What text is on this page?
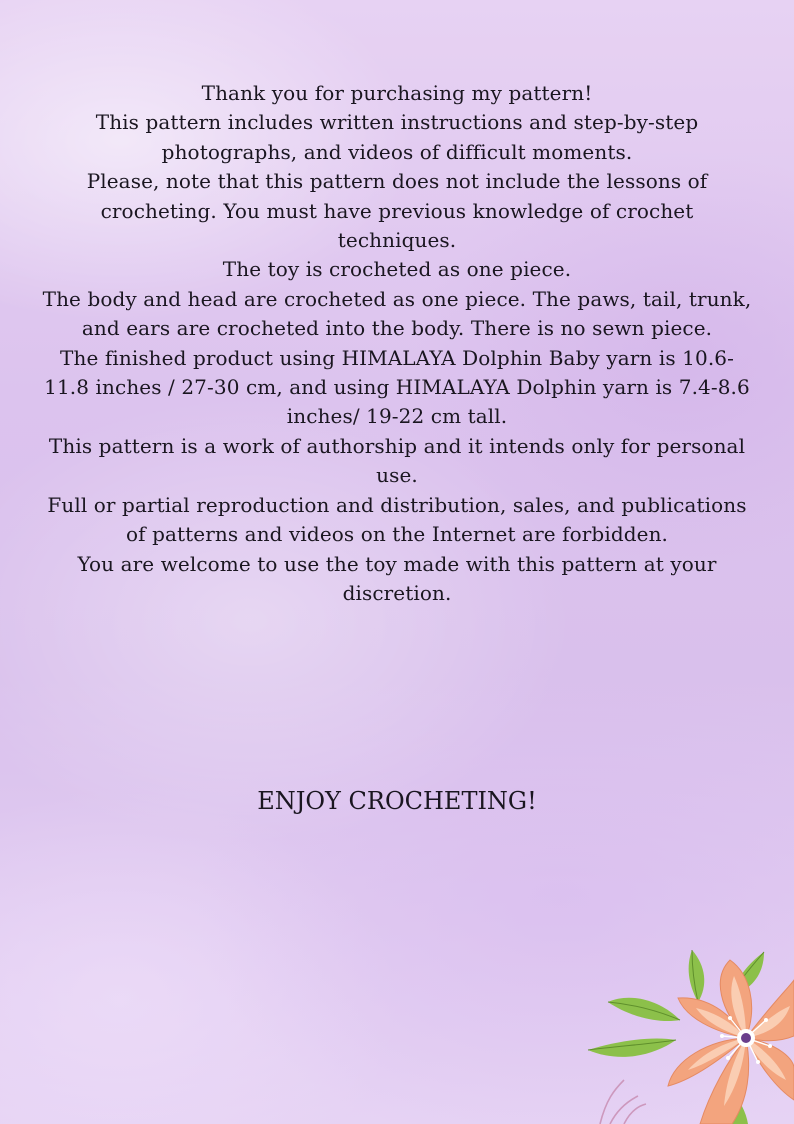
Thank you for purchasing my pattern!

This pattern includes written instructions and step-by-step photographs, and videos of difficult moments.

Please, note that this pattern does not include the lessons of crocheting. You must have previous knowledge of crochet techniques.

The toy is crocheted as one piece.

The body and head are crocheted as one piece. The paws, tail, trunk, and ears are crocheted into the body. There is no sewn piece.

The finished product using HIMALAYA Dolphin Baby yarn is 10.6-11.8 inches / 27-30 cm, and using HIMALAYA Dolphin yarn is 7.4-8.6 inches/ 19-22 cm tall.

This pattern is a work of authorship and it intends only for personal use.

Full or partial reproduction and distribution, sales, and publications of patterns and videos on the Internet are forbidden.

You are welcome to use the toy made with this pattern at your discretion.

ENJOY CROCHETING!
